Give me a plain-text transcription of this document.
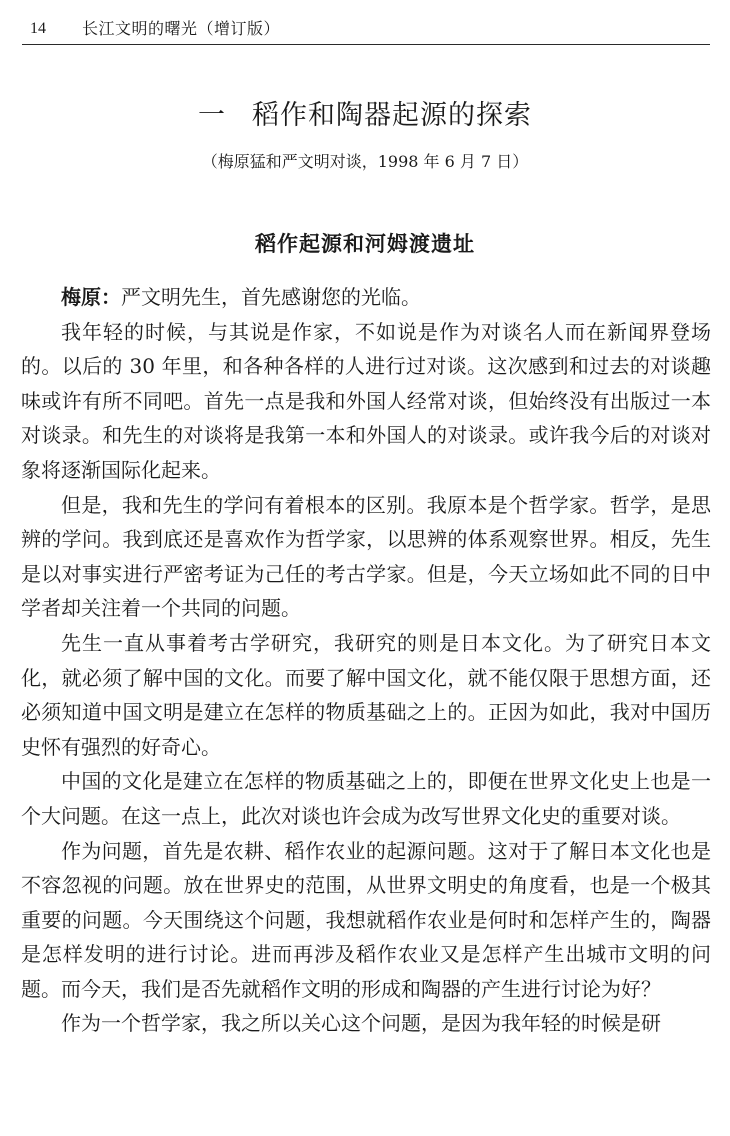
14	长江文明的曙光（增订版）
一 稻作和陶器起源的探索
（梅原猛和严文明对谈，1998 年 6 月 7 日）
稻作起源和河姆渡遗址

梅原：严文明先生，首先感谢您的光临。

我年轻的时候，与其说是作家，不如说是作为对谈名人而在新闻界登场的。以后的 30 年里，和各种各样的人进行过对谈。这次感到和过去的对谈趣味或许有所不同吧。首先一点是我和外国人经常对谈，但始终没有出版过一本对谈录。和先生的对谈将是我第一本和外国人的对谈录。或许我今后的对谈对象将逐渐国际化起来。

但是，我和先生的学问有着根本的区别。我原本是个哲学家。哲学，是思辨的学问。我到底还是喜欢作为哲学家，以思辨的体系观察世界。相反，先生是以对事实进行严密考证为己任的考古学家。但是，今天立场如此不同的日中学者却关注着一个共同的问题。

先生一直从事着考古学研究，我研究的则是日本文化。为了研究日本文化，就必须了解中国的文化。而要了解中国文化，就不能仅限于思想方面，还必须知道中国文明是建立在怎样的物质基础之上的。正因为如此，我对中国历史怀有强烈的好奇心。

中国的文化是建立在怎样的物质基础之上的，即便在世界文化史上也是一个大问题。在这一点上，此次对谈也许会成为改写世界文化史的重要对谈。

作为问题，首先是农耕、稻作农业的起源问题。这对于了解日本文化也是不容忽视的问题。放在世界史的范围，从世界文明史的角度看，也是一个极其重要的问题。今天围绕这个问题，我想就稻作农业是何时和怎样产生的，陶器是怎样发明的进行讨论。进而再涉及稻作农业又是怎样产生出城市文明的问题。而今天，我们是否先就稻作文明的形成和陶器的产生进行讨论为好？

作为一个哲学家，我之所以关心这个问题，是因为我年轻的时候是研
